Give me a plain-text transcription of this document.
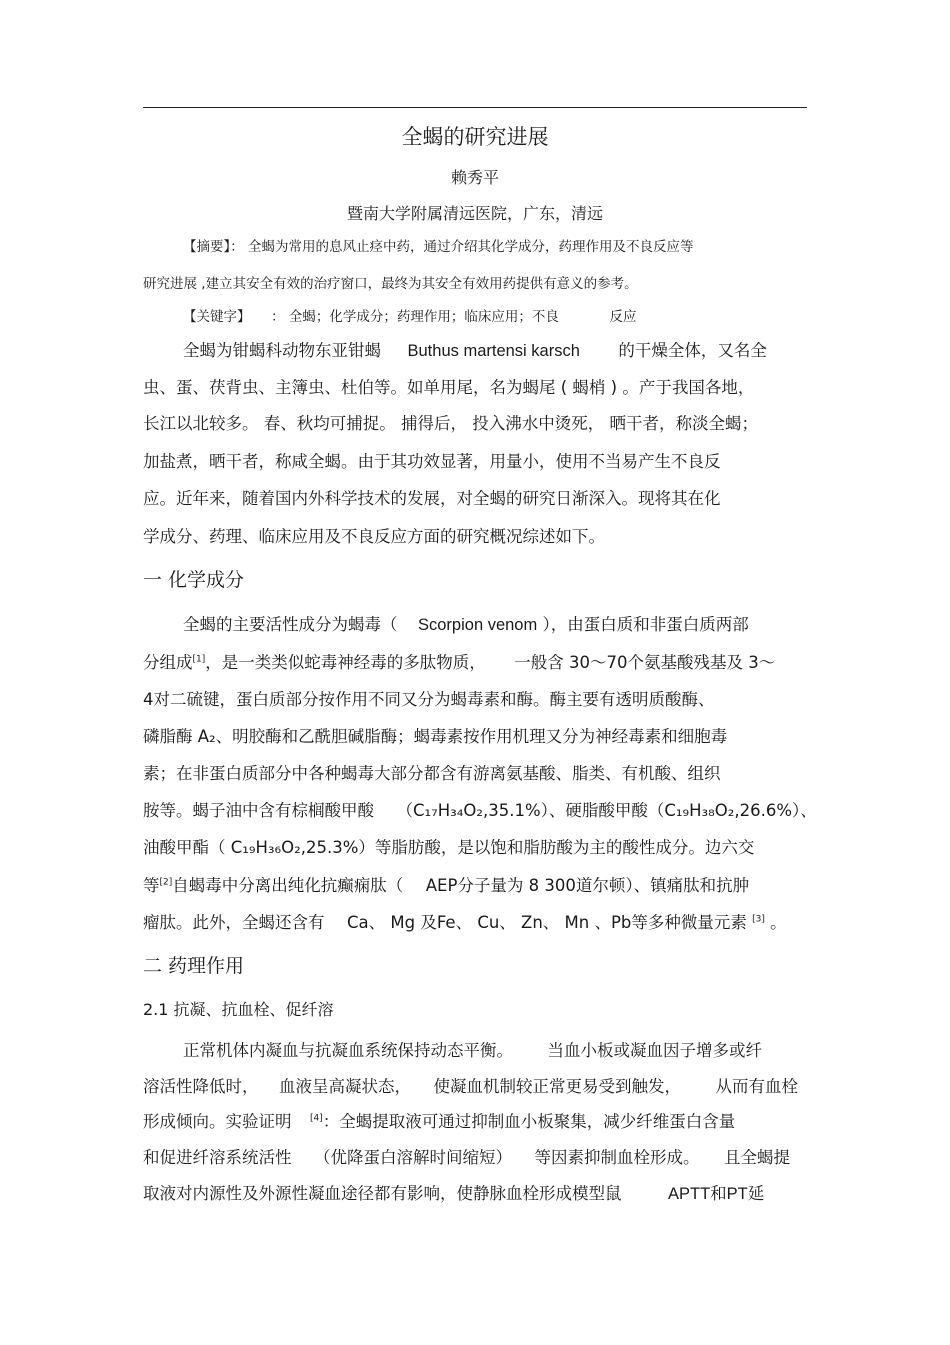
全蝎的研究进展
赖秀平
暨南大学附属清远医院，广东，清远
【摘要】： 全蝎为常用的息风止痉中药，通过介绍其化学成分，药理作用及不良反应等
研究进展 ,建立其安全有效的治疗窗口，最终为其安全有效用药提供有意义的参考。
【关键字】 ： 全蝎；化学成分；药理作用；临床应用；不良	反应
全蝎为钳蝎科动物东亚钳蝎 Buthus martensi karsch 的干燥全体，又名全
虫、蛋、茯背虫、主簿虫、杜伯等。如单用尾，名为蝎尾 ( 蝎梢 ) 。产于我国各地，
长江以北较多。 春、秋均可捕捉。 捕得后， 投入沸水中烫死， 晒干者，称淡全蝎；
加盐煮，晒干者，称咸全蝎。由于其功效显著，用量小，使用不当易产生不良反
应。近年来，随着国内外科学技术的发展，对全蝎的研究日渐深入。现将其在化
学成分、药理、临床应用及不良反应方面的研究概况综述如下。
一 化学成分
全蝎的主要活性成分为蝎毒（ Scorpion venom ），由蛋白质和非蛋白质两部
分组成[1]，是一类类似蛇毒神经毒的多肽物质， 一般含 30～70个氨基酸残基及 3～
4对二硫键，蛋白质部分按作用不同又分为蝎毒素和酶。酶主要有透明质酸酶、
磷脂酶 A₂、明胶酶和乙酰胆碱脂酶；蝎毒素按作用机理又分为神经毒素和细胞毒
素；在非蛋白质部分中各种蝎毒大部分都含有游离氨基酸、脂类、有机酸、组织
胺等。蝎子油中含有棕榈酸甲酸 （C₁₇H₃₄O₂,35.1%）、硬脂酸甲酸（C₁₉H₃₈O₂,26.6%）、
油酸甲酯（ C₁₉H₃₆O₂,25.3%）等脂肪酸，是以饱和脂肪酸为主的酸性成分。边六交
等[2]自蝎毒中分离出纯化抗癫痫肽（ AEP分子量为 8 300道尔顿）、镇痛肽和抗肿
瘤肽。此外，全蝎还含有 Ca、 Mg 及Fe、 Cu、 Zn、 Mn 、Pb等多种微量元素 [3] 。
二 药理作用
2.1 抗凝、抗血栓、促纤溶
正常机体内凝血与抗凝血系统保持动态平衡。 当血小板或凝血因子增多或纤
溶活性降低时， 血液呈高凝状态， 使凝血机制较正常更易受到触发， 从而有血栓
形成倾向。实验证明 [4]：全蝎提取液可通过抑制血小板聚集，减少纤维蛋白含量
和促进纤溶系统活性 （优降蛋白溶解时间缩短） 等因素抑制血栓形成。 且全蝎提
取液对内源性及外源性凝血途径都有影响，使静脉血栓形成模型鼠	APTT和PT延
